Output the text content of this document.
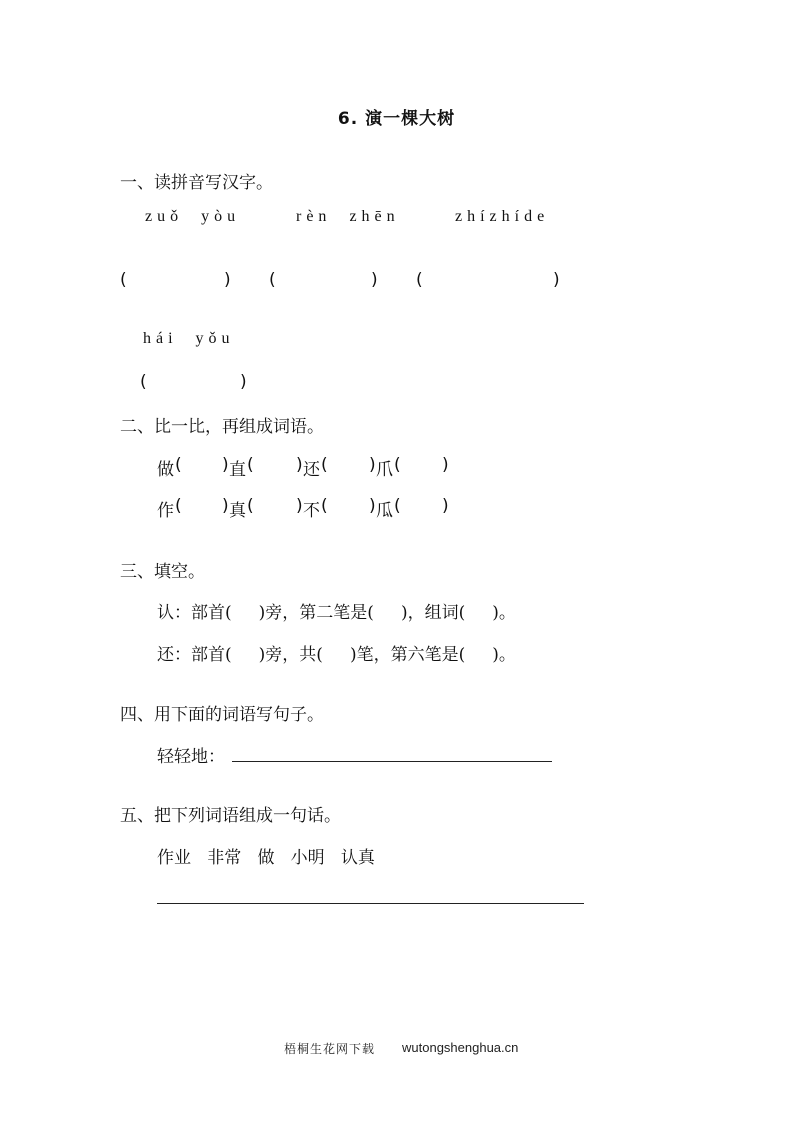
6. 演一棵大树
一、读拼音写汉字。
zuǒ yòu	rèn zhēn	zhízhíde
(	) (	) (	)
hái yǒu
(	)
二、比一比，再组成词语。
做 ( ) 直 ( ) 还 ( ) 爪 ( )
作 ( ) 真 ( ) 不 ( ) 瓜 ( )
三、填空。
认：部首( )旁，第二笔是( )，组词( )。
还：部首( )旁，共( )笔，第六笔是( )。
四、用下面的词语写句子。
轻轻地：
五、把下列词语组成一句话。
作业 非常 做 小明 认真
梧桐生花网下载 wutongshenghua.cn
